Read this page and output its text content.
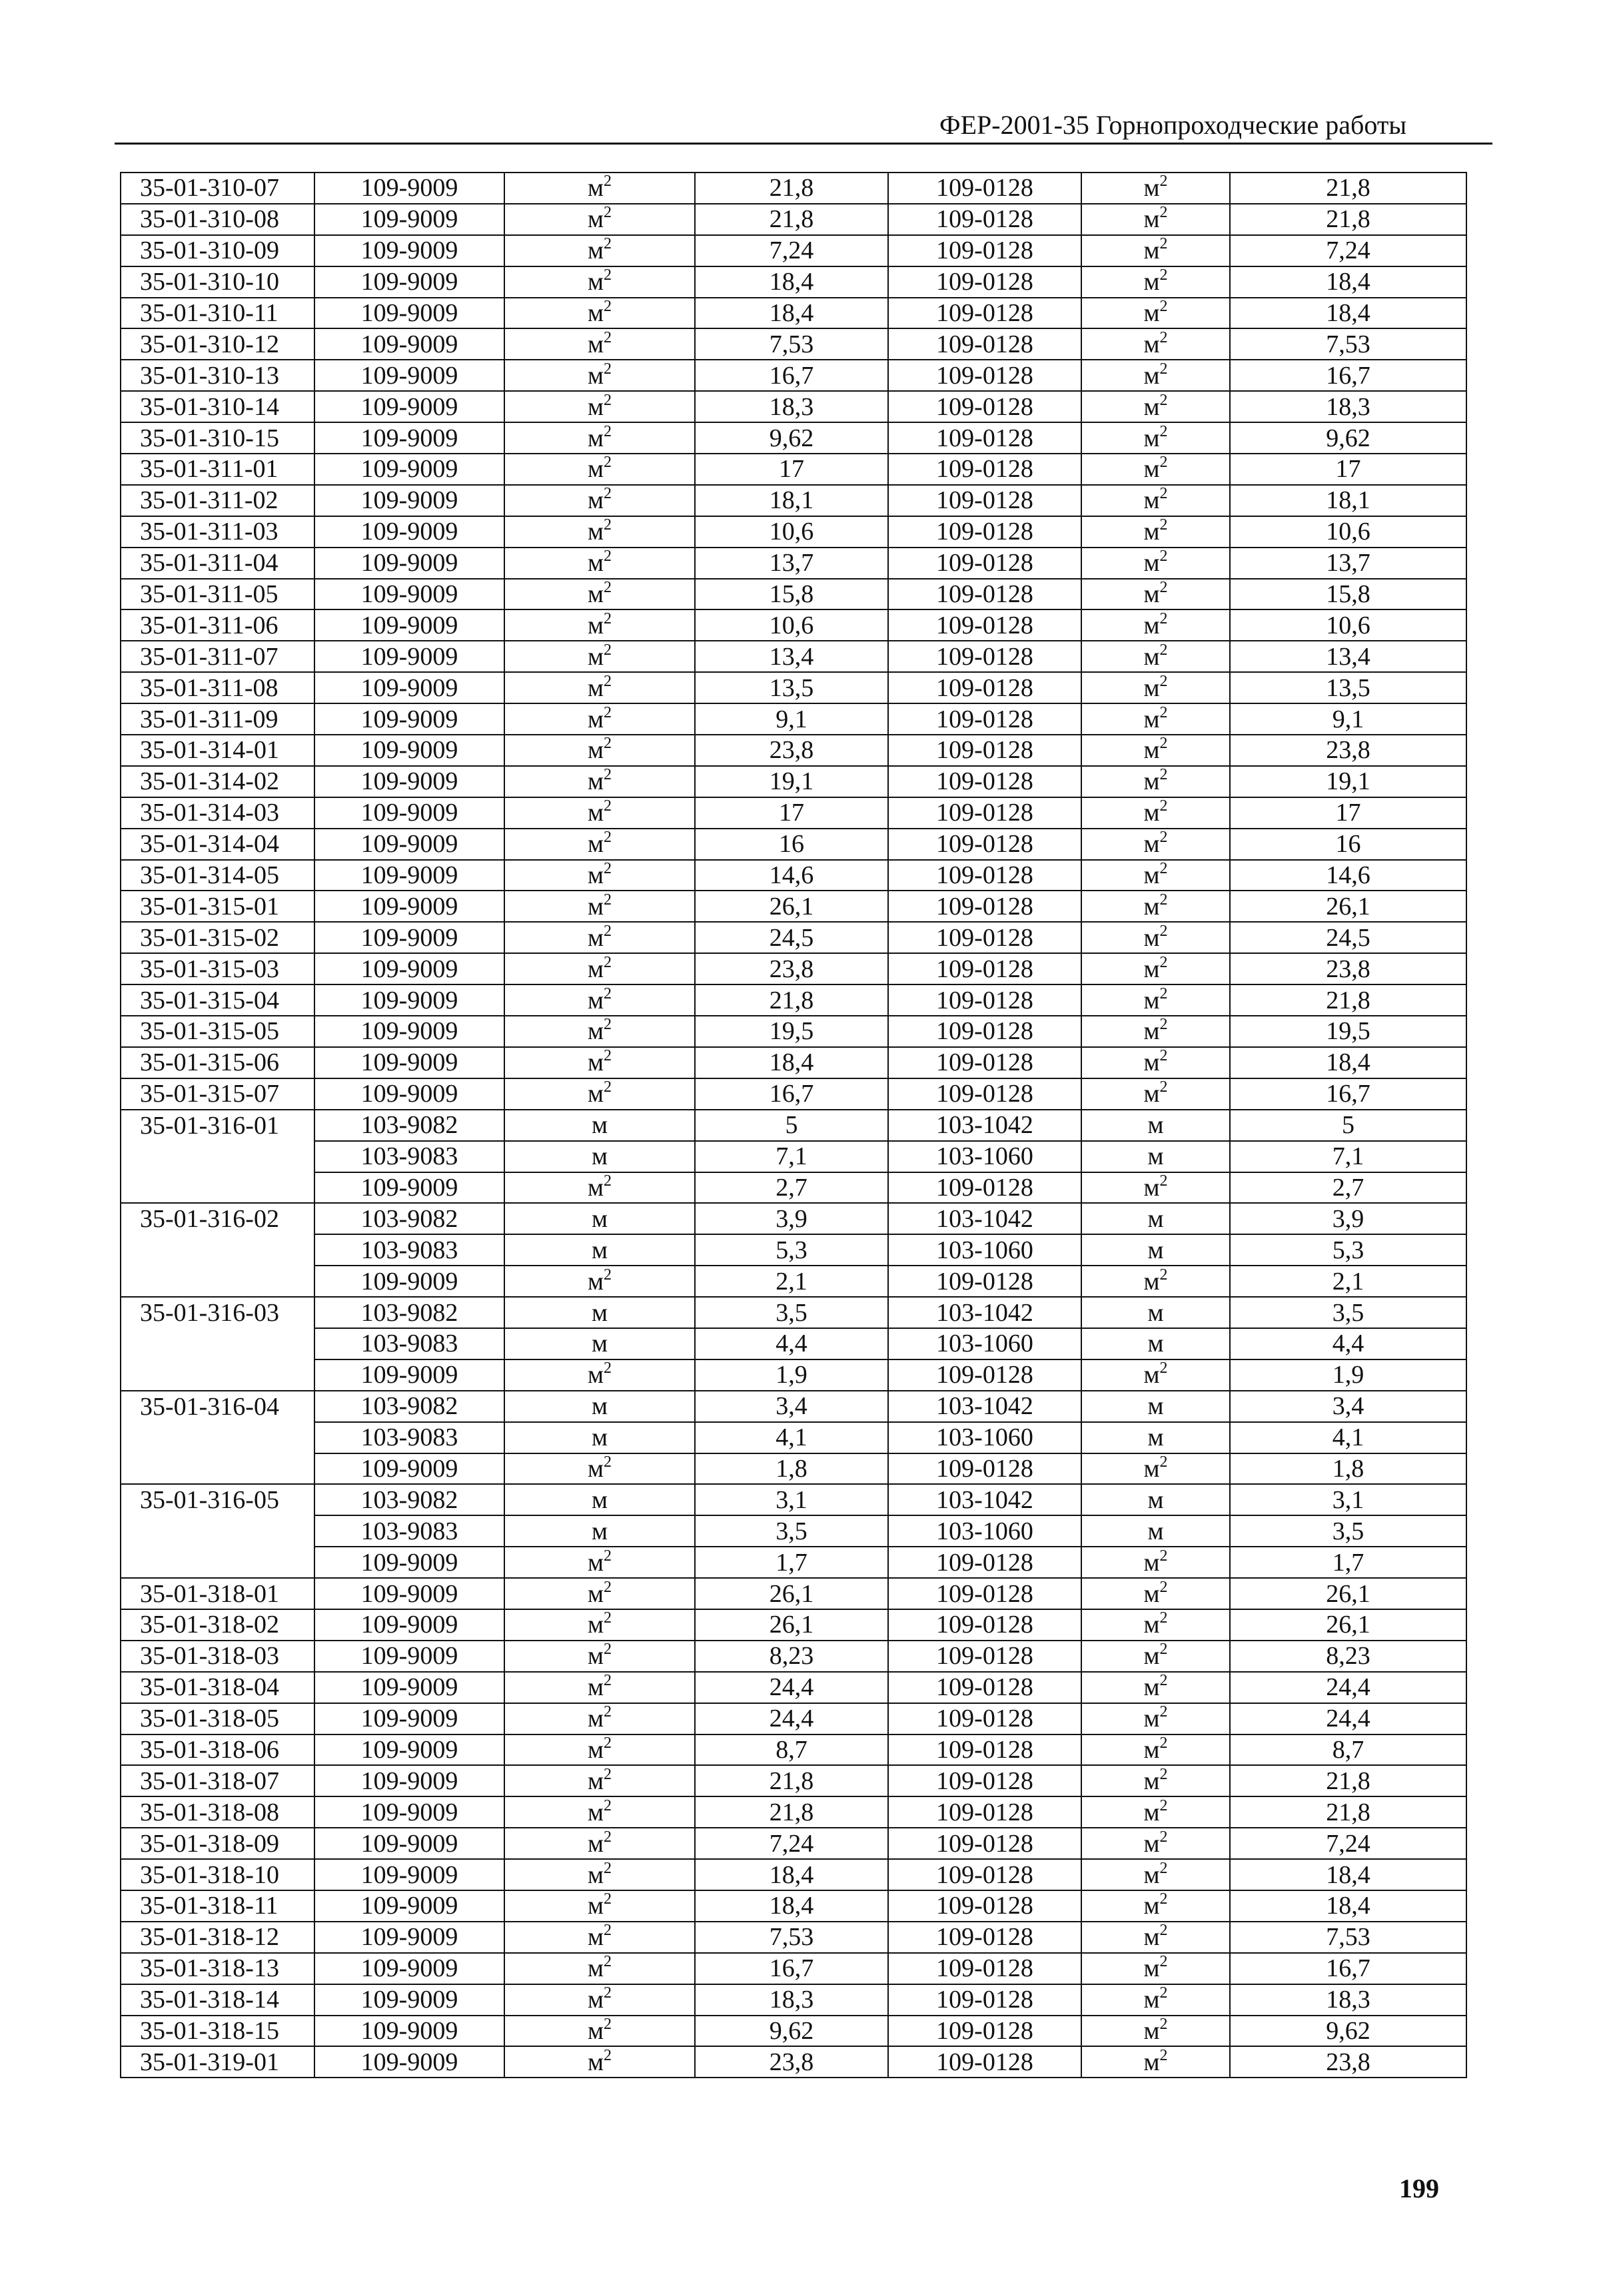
ФЕР-2001-35 Горнопроходческие работы
35-01-310-07	109-9009	$м^2$	21,8	109-0128	$м^2$	21,8
35-01-310-08	109-9009	$м^2$	21,8	109-0128	$м^2$	21,8
35-01-310-09	109-9009	$м^2$	7,24	109-0128	$м^2$	7,24
35-01-310-10	109-9009	$м^2$	18,4	109-0128	$м^2$	18,4
35-01-310-11	109-9009	$м^2$	18,4	109-0128	$м^2$	18,4
35-01-310-12	109-9009	$м^2$	7,53	109-0128	$м^2$	7,53
35-01-310-13	109-9009	$м^2$	16,7	109-0128	$м^2$	16,7
35-01-310-14	109-9009	$м^2$	18,3	109-0128	$м^2$	18,3
35-01-310-15	109-9009	$м^2$	9,62	109-0128	$м^2$	9,62
35-01-311-01	109-9009	$м^2$	17	109-0128	$м^2$	17
35-01-311-02	109-9009	$м^2$	18,1	109-0128	$м^2$	18,1
35-01-311-03	109-9009	$м^2$	10,6	109-0128	$м^2$	10,6
35-01-311-04	109-9009	$м^2$	13,7	109-0128	$м^2$	13,7
35-01-311-05	109-9009	$м^2$	15,8	109-0128	$м^2$	15,8
35-01-311-06	109-9009	$м^2$	10,6	109-0128	$м^2$	10,6
35-01-311-07	109-9009	$м^2$	13,4	109-0128	$м^2$	13,4
35-01-311-08	109-9009	$м^2$	13,5	109-0128	$м^2$	13,5
35-01-311-09	109-9009	$м^2$	9,1	109-0128	$м^2$	9,1
35-01-314-01	109-9009	$м^2$	23,8	109-0128	$м^2$	23,8
35-01-314-02	109-9009	$м^2$	19,1	109-0128	$м^2$	19,1
35-01-314-03	109-9009	$м^2$	17	109-0128	$м^2$	17
35-01-314-04	109-9009	$м^2$	16	109-0128	$м^2$	16
35-01-314-05	109-9009	$м^2$	14,6	109-0128	$м^2$	14,6
35-01-315-01	109-9009	$м^2$	26,1	109-0128	$м^2$	26,1
35-01-315-02	109-9009	$м^2$	24,5	109-0128	$м^2$	24,5
35-01-315-03	109-9009	$м^2$	23,8	109-0128	$м^2$	23,8
35-01-315-04	109-9009	$м^2$	21,8	109-0128	$м^2$	21,8
35-01-315-05	109-9009	$м^2$	19,5	109-0128	$м^2$	19,5
35-01-315-06	109-9009	$м^2$	18,4	109-0128	$м^2$	18,4
35-01-315-07	109-9009	$м^2$	16,7	109-0128	$м^2$	16,7
35-01-316-01	103-9082	м	5	103-1042	м	5
	103-9083	м	7,1	103-1060	м	7,1
	109-9009	$м^2$	2,7	109-0128	$м^2$	2,7
35-01-316-02	103-9082	м	3,9	103-1042	м	3,9
	103-9083	м	5,3	103-1060	м	5,3
	109-9009	$м^2$	2,1	109-0128	$м^2$	2,1
35-01-316-03	103-9082	м	3,5	103-1042	м	3,5
	103-9083	м	4,4	103-1060	м	4,4
	109-9009	$м^2$	1,9	109-0128	$м^2$	1,9
35-01-316-04	103-9082	м	3,4	103-1042	м	3,4
	103-9083	м	4,1	103-1060	м	4,1
	109-9009	$м^2$	1,8	109-0128	$м^2$	1,8
35-01-316-05	103-9082	м	3,1	103-1042	м	3,1
	103-9083	м	3,5	103-1060	м	3,5
	109-9009	$м^2$	1,7	109-0128	$м^2$	1,7
35-01-318-01	109-9009	$м^2$	26,1	109-0128	$м^2$	26,1
35-01-318-02	109-9009	$м^2$	26,1	109-0128	$м^2$	26,1
35-01-318-03	109-9009	$м^2$	8,23	109-0128	$м^2$	8,23
35-01-318-04	109-9009	$м^2$	24,4	109-0128	$м^2$	24,4
35-01-318-05	109-9009	$м^2$	24,4	109-0128	$м^2$	24,4
35-01-318-06	109-9009	$м^2$	8,7	109-0128	$м^2$	8,7
35-01-318-07	109-9009	$м^2$	21,8	109-0128	$м^2$	21,8
35-01-318-08	109-9009	$м^2$	21,8	109-0128	$м^2$	21,8
35-01-318-09	109-9009	$м^2$	7,24	109-0128	$м^2$	7,24
35-01-318-10	109-9009	$м^2$	18,4	109-0128	$м^2$	18,4
35-01-318-11	109-9009	$м^2$	18,4	109-0128	$м^2$	18,4
35-01-318-12	109-9009	$м^2$	7,53	109-0128	$м^2$	7,53
35-01-318-13	109-9009	$м^2$	16,7	109-0128	$м^2$	16,7
35-01-318-14	109-9009	$м^2$	18,3	109-0128	$м^2$	18,3
35-01-318-15	109-9009	$м^2$	9,62	109-0128	$м^2$	9,62
35-01-319-01	109-9009	$м^2$	23,8	109-0128	$м^2$	23,8
199
